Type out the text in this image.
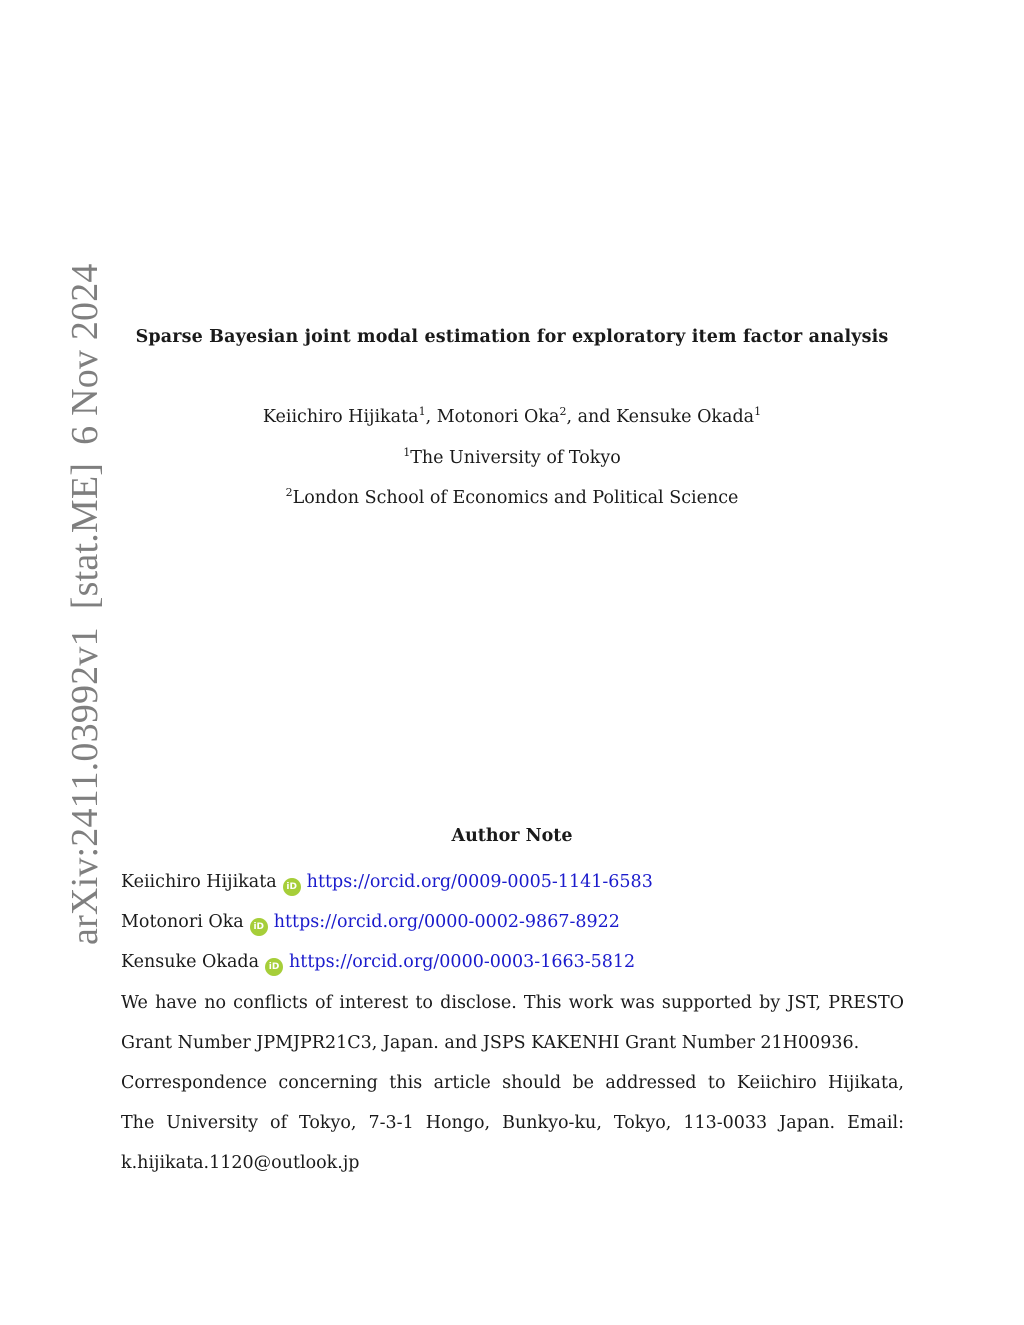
arXiv:2411.03992v1[stat.ME]6 Nov 2024	Sparse Bayesian joint modal estimation for exploratory item factor analysis
Keiichiro Hijikata$^1$, Motonori Oka$^2$, and Kensuke Okada$^1$
$^1$The University of Tokyo
$^2$London School of Economics and Political Science
Author Note
Keiichiro Hijikata iD https://orcid.org/0009-0005-1141-6583
Motonori Oka iD https://orcid.org/0000-0002-9867-8922
Kensuke Okada iD https://orcid.org/0000-0003-1663-5812
We have no conflicts of interest to disclose. This work was supported by JST, PRESTO
Grant Number JPMJPR21C3, Japan. and JSPS KAKENHI Grant Number 21H00936.
Correspondence concerning this article should be addressed to Keiichiro Hijikata,
The University of Tokyo, 7-3-1 Hongo, Bunkyo-ku, Tokyo, 113-0033 Japan. Email:
k.hijikata.1120@outlook.jp
